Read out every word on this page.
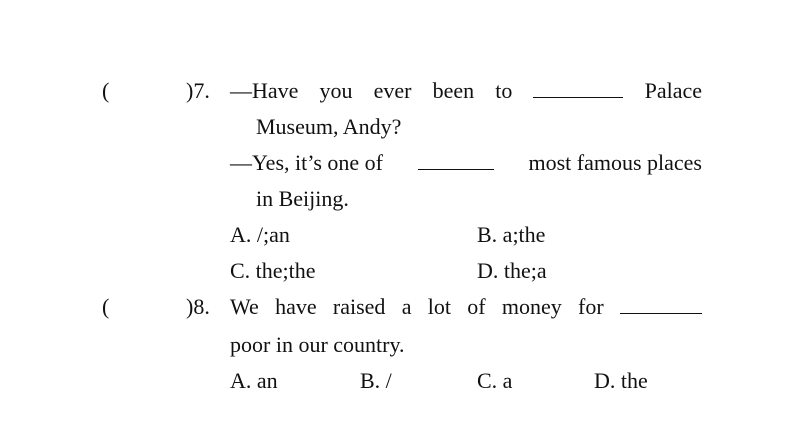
(	)7. —Have you ever been to	Palace
Museum, Andy?
—Yes, it’s one of	most famous places
in Beijing.
A. /;an	B. a;the
C. the;the	D. the;a
(	)8. We have raised a lot of money for
poor in our country.
A. an	B. /	C. a	D. the
